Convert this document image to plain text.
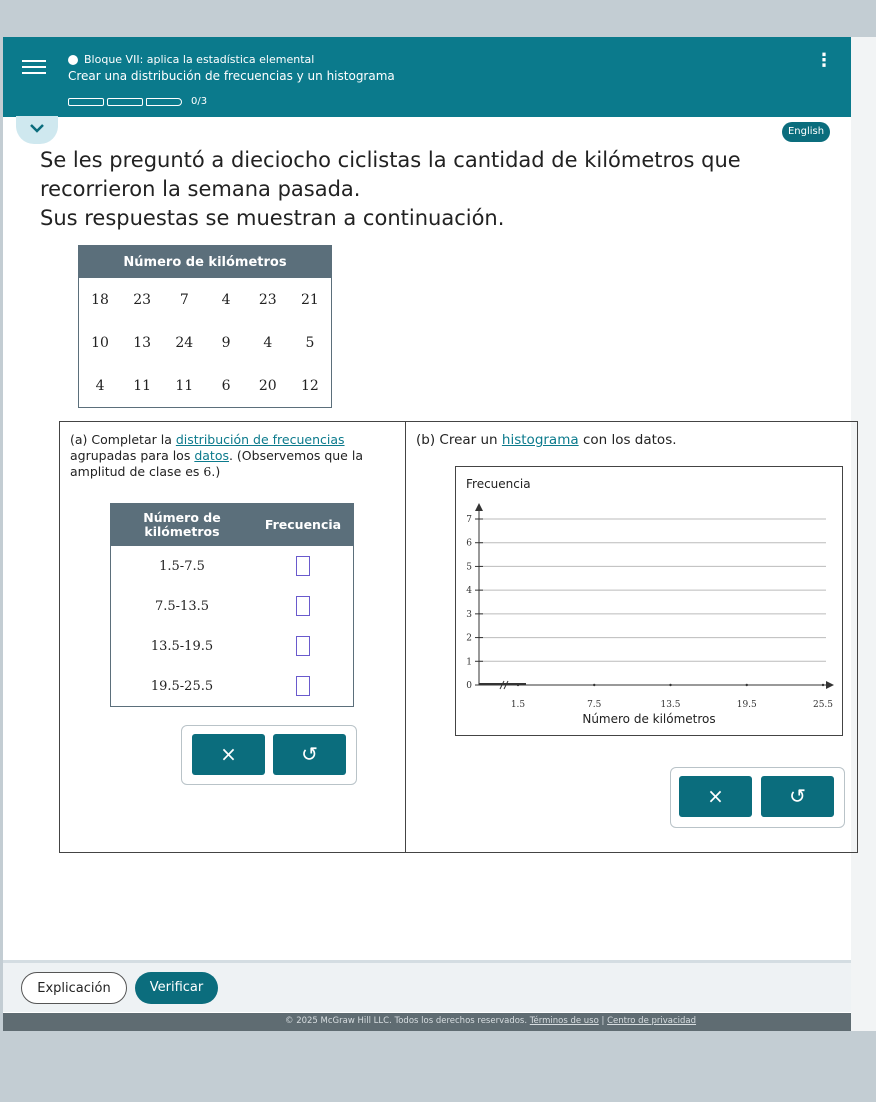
Bloque VII: aplica la estadística elemental
Crear una distribución de frecuencias y un histograma
0/3
⋮
English
Se les preguntó a dieciocho ciclistas la cantidad de kilómetros que
recorrieron la semana pasada.
Sus respuestas se muestran a continuación.
Número de kilómetros					
18	23	7	4	23	21
10	13	24	9	4	5
4	11	11	6	20	12
(a) Completar la distribución de frecuencias agrupadas para los datos. (Observemos que la amplitud de clase es 6.)
Número de kilómetros	Frecuencia
1.5-7.5	
7.5-13.5	
13.5-19.5	
19.5-25.5	
×	↺
(b) Crear un histograma con los datos.
0
1
2
3
4
5
6
7
Frecuencia
1.5	7.5	13.5	19.5	25.5
Número de kilómetros
×	↺
Explicación	Verificar
© 2025 McGraw Hill LLC. Todos los derechos reservados. Términos de uso | Centro de privacidad
